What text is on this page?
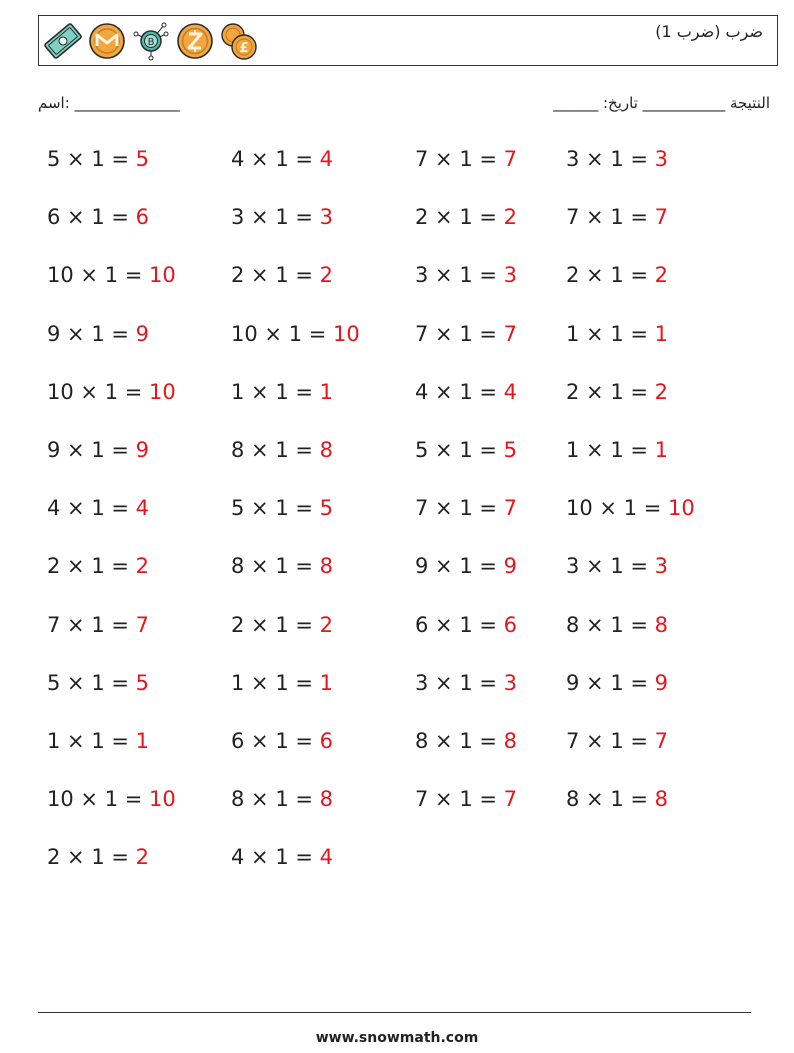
B	£
ضرب (ضرب 1)
اسم: ______________	النتيجة ___________ تاريخ: ______
5 × 1 = 5	4 × 1 = 4	7 × 1 = 7 3 × 1 = 3
6 × 1 = 6	3 × 1 = 3	2 × 1 = 2 7 × 1 = 7
10 × 1 = 10	2 × 1 = 2	3 × 1 = 3 2 × 1 = 2
9 × 1 = 9	10 × 1 = 10	7 × 1 = 7 1 × 1 = 1
10 × 1 = 10	1 × 1 = 1	4 × 1 = 4 2 × 1 = 2
9 × 1 = 9	8 × 1 = 8	5 × 1 = 5 1 × 1 = 1
4 × 1 = 4	5 × 1 = 5	7 × 1 = 7 10 × 1 = 10
2 × 1 = 2	8 × 1 = 8	9 × 1 = 9 3 × 1 = 3
7 × 1 = 7	2 × 1 = 2	6 × 1 = 6 8 × 1 = 8
5 × 1 = 5	1 × 1 = 1	3 × 1 = 3 9 × 1 = 9
1 × 1 = 1	6 × 1 = 6	8 × 1 = 8 7 × 1 = 7
10 × 1 = 10	8 × 1 = 8	7 × 1 = 7 8 × 1 = 8
2 × 1 = 2	4 × 1 = 4
www.snowmath.com
